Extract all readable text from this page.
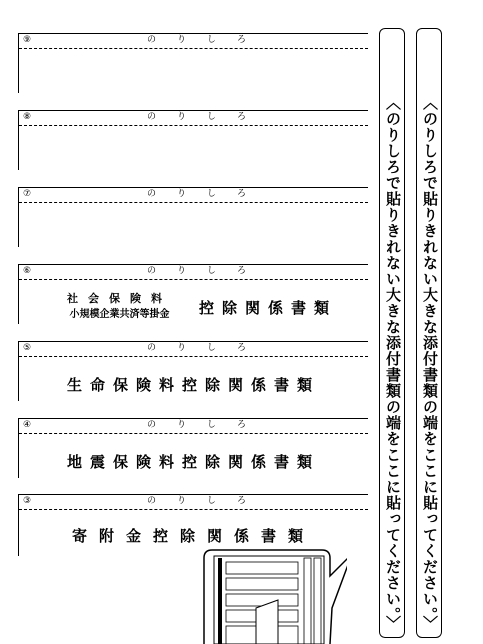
⑨	のりしろ
⑧	のりしろ
⑦	のりしろ
⑥	のりしろ
社会保険料
小規模企業共済等掛金 控除関係書類
⑤	のりしろ
生命保険料控除関係書類
④	のりしろ
地震保険料控除関係書類
③	のりしろ
寄附金控除関係書類	〈のりしろで貼りきれない大きな添付書類の端をここに貼ってください。〉 〈のりしろで貼りきれない大きな添付書類の端をここに貼ってください。〉
